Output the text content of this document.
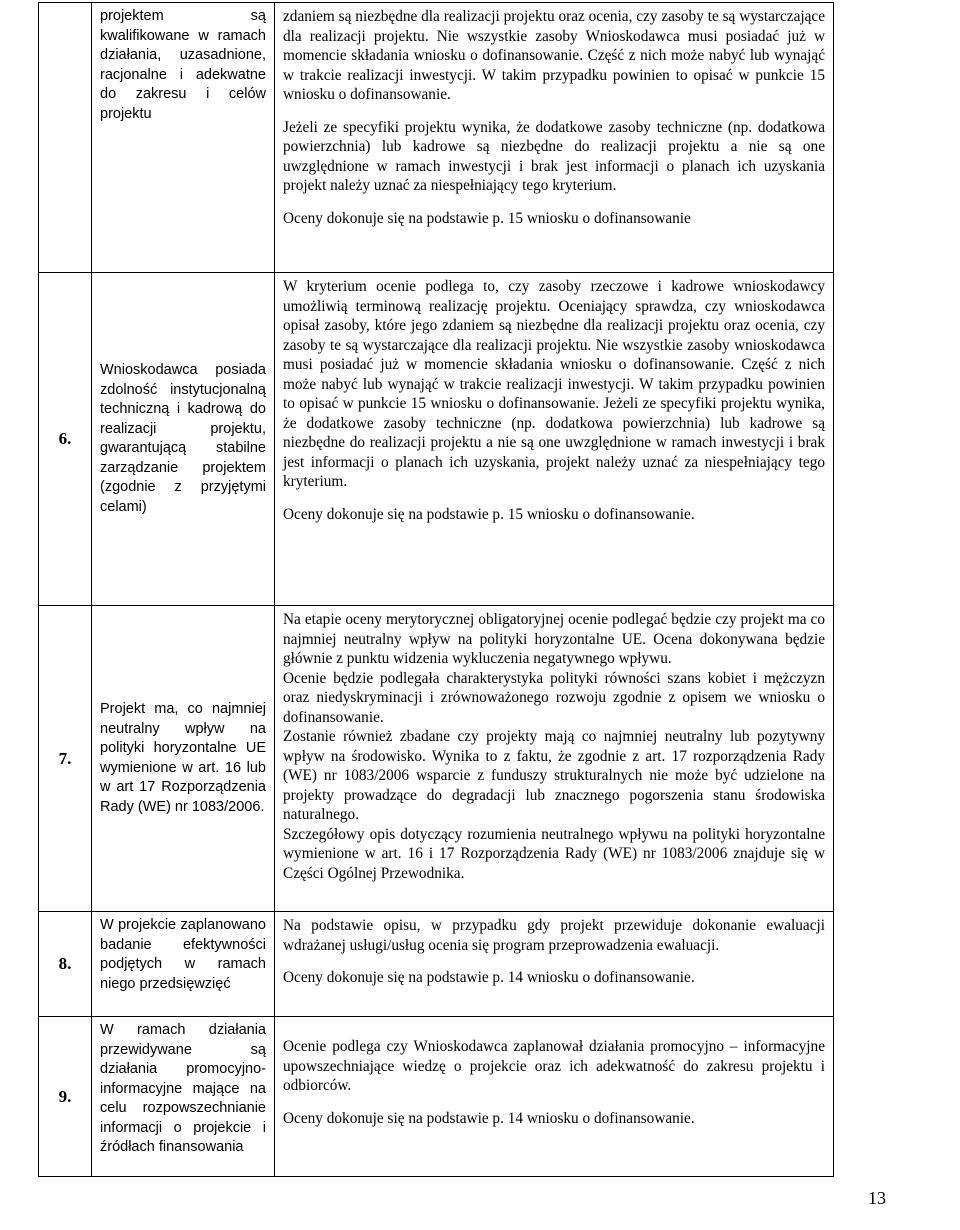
	projektem są kwalifikowane w ramach działania, uzasadnione, racjonalne i adekwatne do zakresu i celów projektu	zdaniem są niezbędne dla realizacji projektu oraz ocenia, czy zasoby te są wystarczające dla realizacji projektu. Nie wszystkie zasoby Wnioskodawca musi posiadać już w momencie składania wniosku o dofinansowanie. Część z nich może nabyć lub wynająć w trakcie realizacji inwestycji. W takim przypadku powinien to opisać w punkcie 15 wniosku o dofinansowanie.

Jeżeli ze specyfiki projektu wynika, że dodatkowe zasoby techniczne (np. dodatkowa powierzchnia) lub kadrowe są niezbędne do realizacji projektu a nie są one uwzględnione w ramach inwestycji i brak jest informacji o planach ich uzyskania projekt należy uznać za niespełniający tego kryterium.

Oceny dokonuje się na podstawie p. 15 wniosku o dofinansowanie

6.	Wnioskodawca posiada zdolność instytucjonalną techniczną i kadrową do realizacji projektu, gwarantującą stabilne zarządzanie projektem (zgodnie z przyjętymi celami)	W kryterium ocenie podlega to, czy zasoby rzeczowe i kadrowe wnioskodawcy umożliwią terminową realizację projektu. Oceniający sprawdza, czy wnioskodawca opisał zasoby, które jego zdaniem są niezbędne dla realizacji projektu oraz ocenia, czy zasoby te są wystarczające dla realizacji projektu. Nie wszystkie zasoby wnioskodawca musi posiadać już w momencie składania wniosku o dofinansowanie. Część z nich może nabyć lub wynająć w trakcie realizacji inwestycji. W takim przypadku powinien to opisać w punkcie 15 wniosku o dofinansowanie. Jeżeli ze specyfiki projektu wynika, że dodatkowe zasoby techniczne (np. dodatkowa powierzchnia) lub kadrowe są niezbędne do realizacji projektu a nie są one uwzględnione w ramach inwestycji i brak jest informacji o planach ich uzyskania, projekt należy uznać za niespełniający tego kryterium.

Oceny dokonuje się na podstawie p. 15 wniosku o dofinansowanie.

7.	Projekt ma, co najmniej neutralny wpływ na polityki horyzontalne UE wymienione w art. 16 lub w art 17 Rozporządzenia Rady (WE) nr 1083/2006.	Na etapie oceny merytorycznej obligatoryjnej ocenie podlegać będzie czy projekt ma co najmniej neutralny wpływ na polityki horyzontalne UE. Ocena dokonywana będzie głównie z punktu widzenia wykluczenia negatywnego wpływu.

Ocenie będzie podlegała charakterystyka polityki równości szans kobiet i mężczyzn oraz niedyskryminacji i zrównoważonego rozwoju zgodnie z opisem we wniosku o dofinansowanie.

Zostanie również zbadane czy projekty mają co najmniej neutralny lub pozytywny wpływ na środowisko. Wynika to z faktu, że zgodnie z art. 17 rozporządzenia Rady (WE) nr 1083/2006 wsparcie z funduszy strukturalnych nie może być udzielone na projekty prowadzące do degradacji lub znacznego pogorszenia stanu środowiska naturalnego.

Szczegółowy opis dotyczący rozumienia neutralnego wpływu na polityki horyzontalne wymienione w art. 16 i 17 Rozporządzenia Rady (WE) nr 1083/2006 znajduje się w Części Ogólnej Przewodnika.

8.	W projekcie zaplanowano badanie efektywności podjętych w ramach niego przedsięwzięć	Na podstawie opisu, w przypadku gdy projekt przewiduje dokonanie ewaluacji wdrażanej usługi/usług ocenia się program przeprowadzenia ewaluacji.

Oceny dokonuje się na podstawie p. 14 wniosku o dofinansowanie.

9.	W ramach działania przewidywane są działania promocyjno-informacyjne mające na celu rozpowszechnianie informacji o projekcie i źródłach finansowania	Ocenie podlega czy Wnioskodawca zaplanował działania promocyjno – informacyjne upowszechniające wiedzę o projekcie oraz ich adekwatność do zakresu projektu i odbiorców.

Oceny dokonuje się na podstawie p. 14 wniosku o dofinansowanie.

13
